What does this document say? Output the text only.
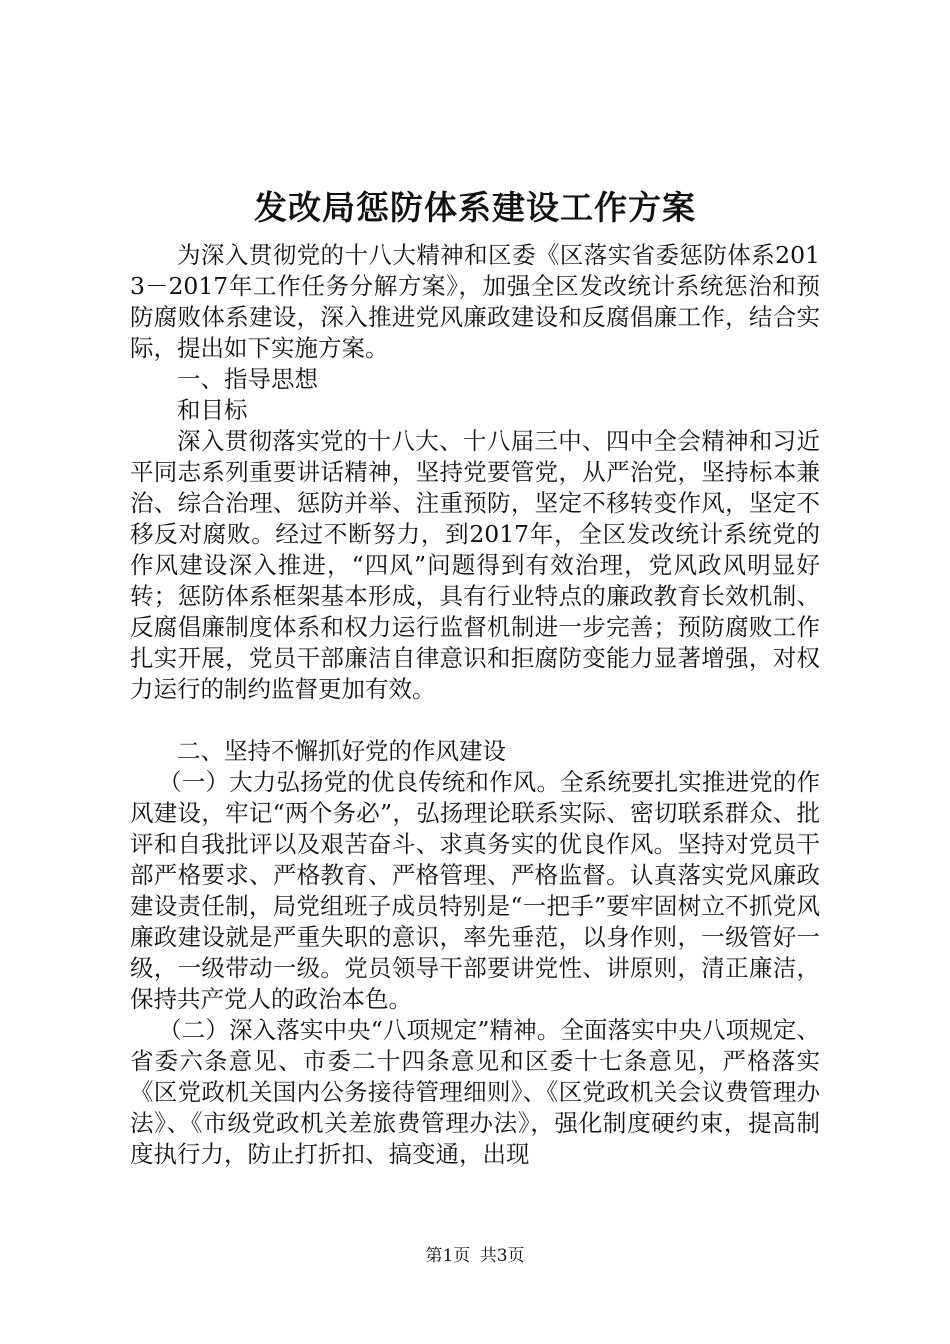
发改局惩防体系建设工作方案

为深入贯彻党的十八大精神和区委《区落实省委惩防体系2013－2017年工作任务分解方案》，加强全区发改统计系统惩治和预防腐败体系建设，深入推进党风廉政建设和反腐倡廉工作，结合实际，提出如下实施方案。

一、指导思想

和目标

深入贯彻落实党的十八大、十八届三中、四中全会精神和习近平同志系列重要讲话精神，坚持党要管党，从严治党，坚持标本兼治、综合治理、惩防并举、注重预防，坚定不移转变作风，坚定不移反对腐败。经过不断努力，到2017年，全区发改统计系统党的作风建设深入推进，“四风”问题得到有效治理，党风政风明显好转；惩防体系框架基本形成，具有行业特点的廉政教育长效机制、反腐倡廉制度体系和权力运行监督机制进一步完善；预防腐败工作扎实开展，党员干部廉洁自律意识和拒腐防变能力显著增强，对权力运行的制约监督更加有效。

二、坚持不懈抓好党的作风建设

（一）大力弘扬党的优良传统和作风。全系统要扎实推进党的作风建设，牢记“两个务必”，弘扬理论联系实际、密切联系群众、批评和自我批评以及艰苦奋斗、求真务实的优良作风。坚持对党员干部严格要求、严格教育、严格管理、严格监督。认真落实党风廉政建设责任制，局党组班子成员特别是“一把手”要牢固树立不抓党风廉政建设就是严重失职的意识，率先垂范，以身作则，一级管好一级，一级带动一级。党员领导干部要讲党性、讲原则，清正廉洁，保持共产党人的政治本色。

（二）深入落实中央“八项规定”精神。全面落实中央八项规定、省委六条意见、市委二十四条意见和区委十七条意见，严格落实《区党政机关国内公务接待管理细则》、《区党政机关会议费管理办法》、《市级党政机关差旅费管理办法》，强化制度硬约束，提高制度执行力，防止打折扣、搞变通，出现

第1页 共3页
